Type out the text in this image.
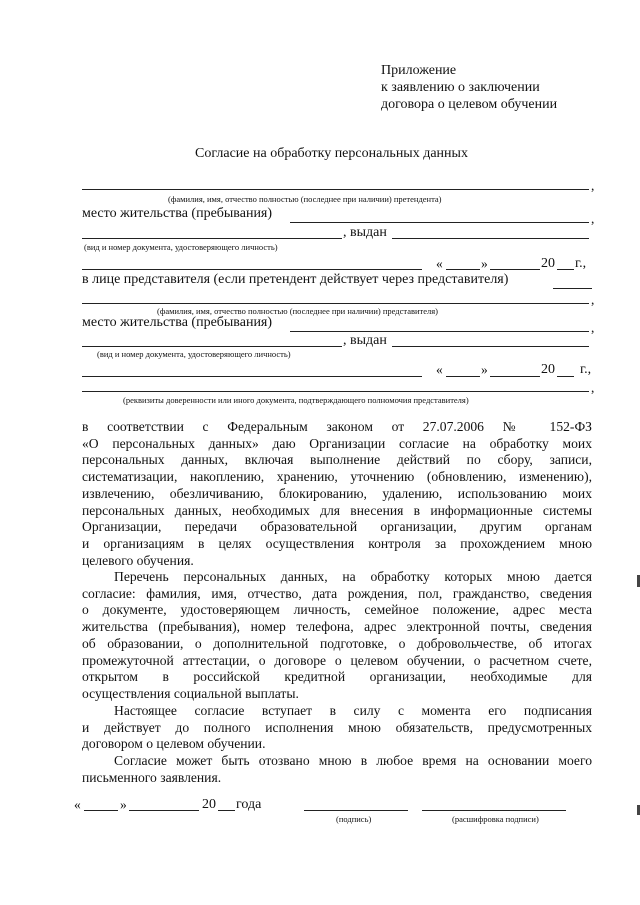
Приложение
к заявлению о заключении
договора о целевом обучении
Согласие на обработку персональных данных
,
(фамилия, имя, отчество полностью (последнее при наличии) претендента)
место жительства (пребывания)	,
, выдан
(вид и номер документа, удостоверяющего личность)
«	»	20 г.,
в лице представителя (если претендент действует через представителя)
,
(фамилия, имя, отчество полностью (последнее при наличии) представителя)
место жительства (пребывания)	,
, выдан
(вид и номер документа, удостоверяющего личность)
«	»	20 г.,
,
(реквизиты доверенности или иного документа, подтверждающего полномочия представителя)
в соответствии с Федеральным законом от 27.07.2006 № 152-ФЗ
«О персональных данных» даю Организации согласие на обработку моих
персональных данных, включая выполнение действий по сбору, записи,
систематизации, накоплению, хранению, уточнению (обновлению, изменению),
извлечению, обезличиванию, блокированию, удалению, использованию моих
персональных данных, необходимых для внесения в информационные системы
Организации, передачи образовательной организации, другим органам
и организациям в целях осуществления контроля за прохождением мною
целевого обучения.
Перечень персональных данных, на обработку которых мною дается
согласие: фамилия, имя, отчество, дата рождения, пол, гражданство, сведения
о документе, удостоверяющем личность, семейное положение, адрес места
жительства (пребывания), номер телефона, адрес электронной почты, сведения
об образовании, о дополнительной подготовке, о добровольчестве, об итогах
промежуточной аттестации, о договоре о целевом обучении, о расчетном счете,
открытом в российской кредитной организации, необходимые для
осуществления социальной выплаты.
Настоящее согласие вступает в силу с момента его подписания
и действует до полного исполнения мною обязательств, предусмотренных
договором о целевом обучении.
Согласие может быть отозвано мною в любое время на основании моего
письменного заявления.
«	»	20 года
(подпись)	(расшифровка подписи)
